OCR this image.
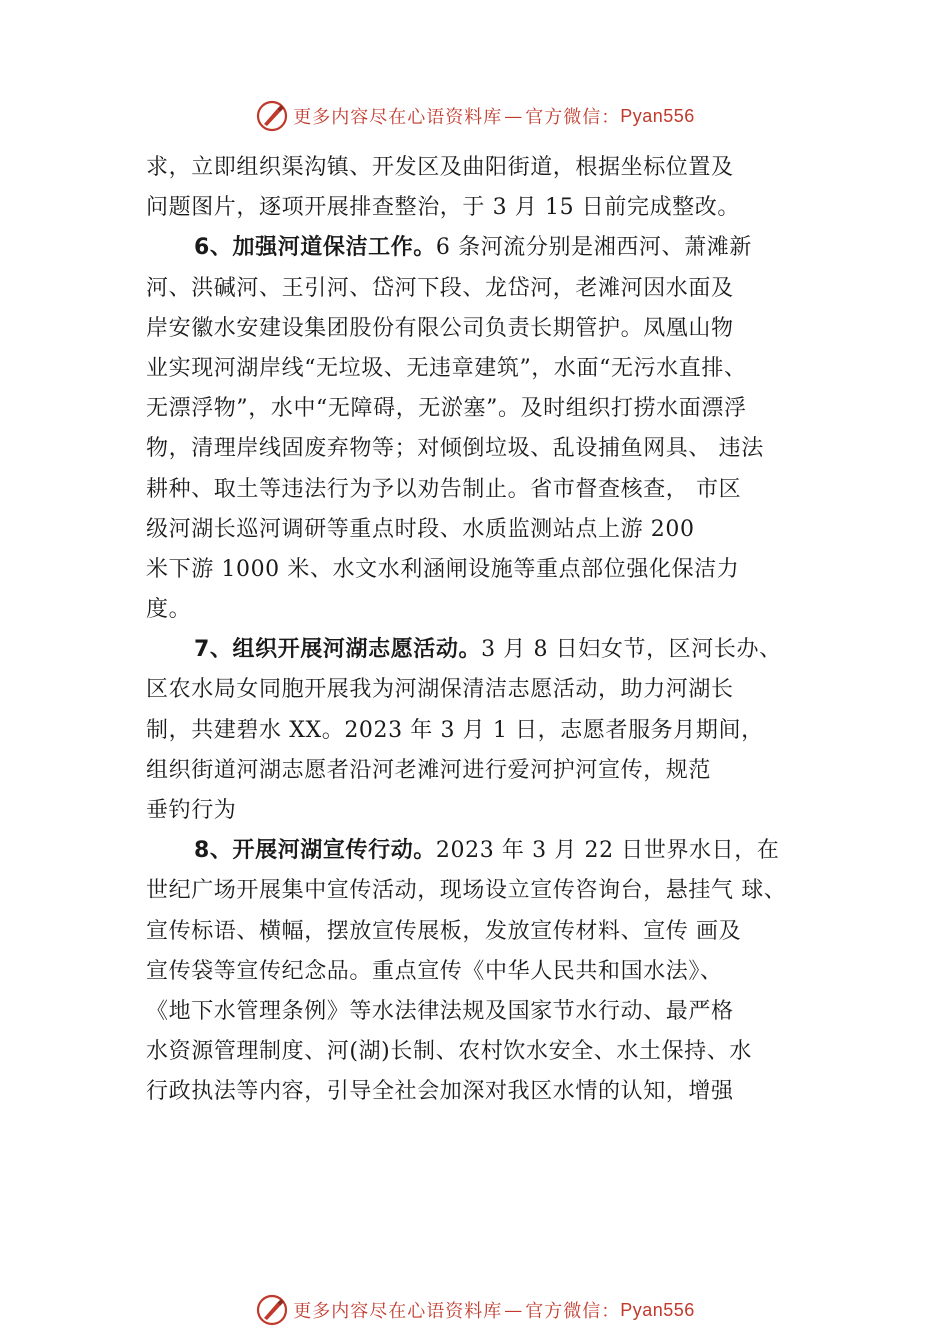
更多内容尽在心语资料库 — 官方微信： Pyan556
求，立即组织渠沟镇、开发区及曲阳街道，根据坐标位置及
问题图片，逐项开展排查整治，于 3 月 15 日前完成整改。
6、加强河道保洁工作。6 条河流分别是湘西河、萧滩新
河、洪碱河、王引河、岱河下段、龙岱河，老滩河因水面及
岸安徽水安建设集团股份有限公司负责长期管护。凤凰山物
业实现河湖岸线“无垃圾、无违章建筑”，水面“无污水直排、
无漂浮物”，水中“无障碍，无淤塞”。及时组织打捞水面漂浮
物，清理岸线固废弃物等；对倾倒垃圾、乱设捕鱼网具、 违法
耕种、取土等违法行为予以劝告制止。省市督查核查， 市区
级河湖长巡河调研等重点时段、水质监测站点上游 200
米下游 1000 米、水文水利涵闸设施等重点部位强化保洁力
度。
7、组织开展河湖志愿活动。3 月 8 日妇女节，区河长办、
区农水局女同胞开展我为河湖保清洁志愿活动，助力河湖长
制，共建碧水 XX。2023 年 3 月 1 日，志愿者服务月期间，
组织街道河湖志愿者沿河老滩河进行爱河护河宣传，规范
垂钓行为
8、开展河湖宣传行动。2023 年 3 月 22 日世界水日，在
世纪广场开展集中宣传活动，现场设立宣传咨询台，悬挂气 球、
宣传标语、横幅，摆放宣传展板，发放宣传材料、宣传 画及
宣传袋等宣传纪念品。重点宣传《中华人民共和国水法》、
《地下水管理条例》等水法律法规及国家节水行动、最严格
水资源管理制度、河(湖)长制、农村饮水安全、水土保持、水
行政执法等内容，引导全社会加深对我区水情的认知，增强
更多内容尽在心语资料库 — 官方微信： Pyan556
